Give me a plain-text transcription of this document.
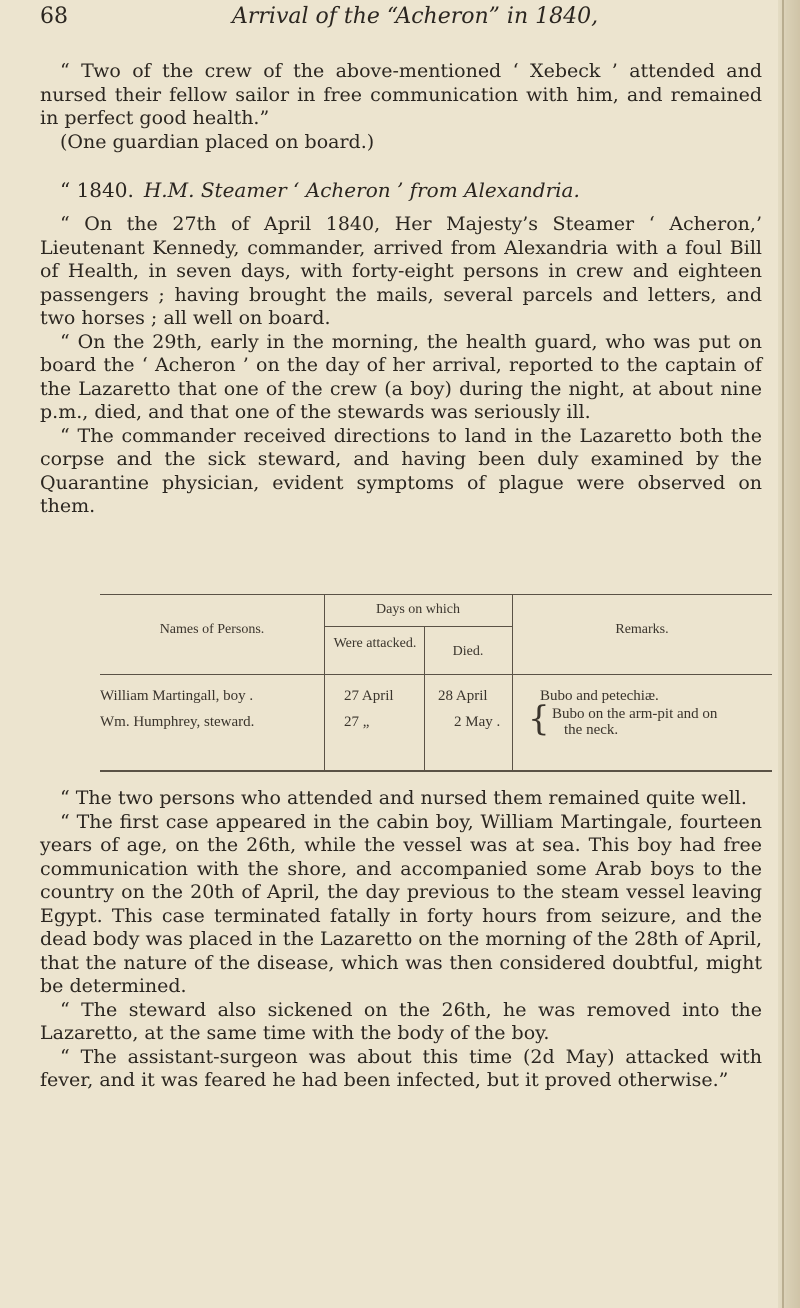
68	Arrival of the “Acheron” in 1840,

“ Two of the crew of the above-mentioned ‘ Xebeck ’ attended and nursed their fellow sailor in free communication with him, and remained in perfect good health.”

(One guardian placed on board.)

“ 1840. H.M. Steamer ‘ Acheron ’ from Alexandria.

“ On the 27th of April 1840, Her Majesty’s Steamer ‘ Acheron,’ Lieutenant Kennedy, commander, arrived from Alexandria with a foul Bill of Health, in seven days, with forty-eight persons in crew and eighteen passengers ; having brought the mails, several parcels and letters, and two horses ; all well on board.

“ On the 29th, early in the morning, the health guard, who was put on board the ‘ Acheron ’ on the day of her arrival, reported to the captain of the Lazaretto that one of the crew (a boy) during the night, at about nine p.m., died, and that one of the stewards was seriously ill.

“ The commander received directions to land in the Lazaretto both the corpse and the sick steward, and having been duly examined by the Quarantine physician, evident symptoms of plague were observed on them.

Names of Persons.
Days on which
Were attacked.
Died.
Remarks.
William Martingall, boy .	27 April	28 April	Bubo and petechiæ.
Wm. Humphrey, steward.	27 „	2 May . { Bubo on the arm-pit and on
the neck.

“ The two persons who attended and nursed them remained quite well.

“ The first case appeared in the cabin boy, William Martingale, fourteen years of age, on the 26th, while the vessel was at sea. This boy had free communication with the shore, and accompanied some Arab boys to the country on the 20th of April, the day previous to the steam vessel leaving Egypt. This case terminated fatally in forty hours from seizure, and the dead body was placed in the Lazaretto on the morning of the 28th of April, that the nature of the disease, which was then considered doubtful, might be determined.

“ The steward also sickened on the 26th, he was removed into the Lazaretto, at the same time with the body of the boy.

“ The assistant-surgeon was about this time (2d May) attacked with fever, and it was feared he had been infected, but it proved otherwise.”
